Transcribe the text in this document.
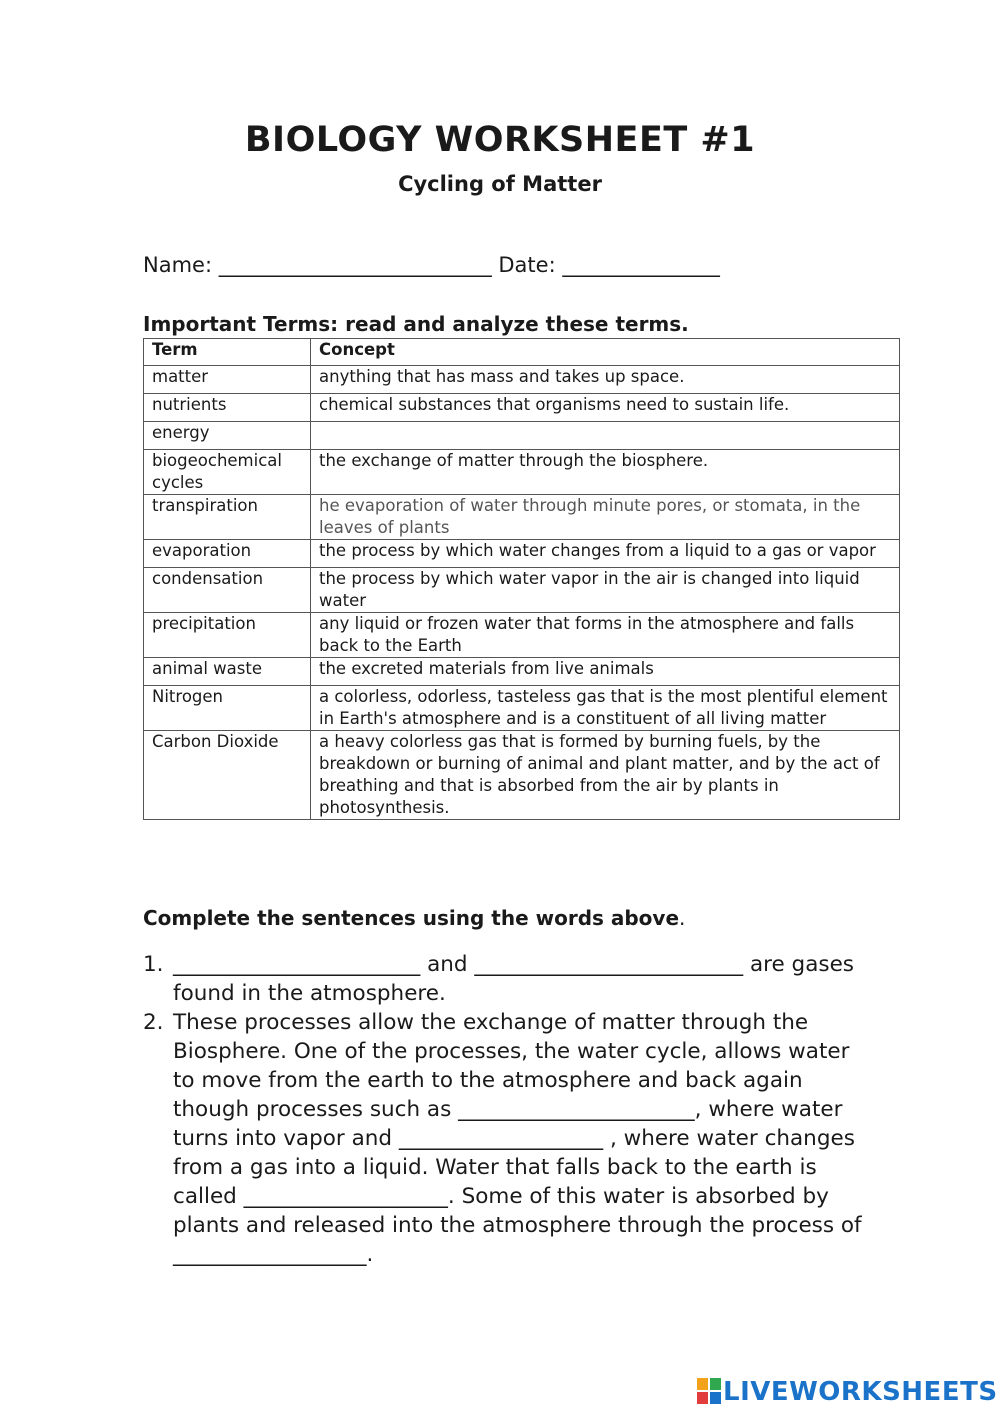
BIOLOGY WORKSHEET #1
Cycling of Matter
Name: __________________________ Date: _______________
Important Terms: read and analyze these terms.
Term	Concept
matter	anything that has mass and takes up space.
nutrients	chemical substances that organisms need to sustain life.
energy	
biogeochemical cycles	the exchange of matter through the biosphere.
transpiration	he evaporation of water through minute pores, or stomata, in the leaves of plants
evaporation	the process by which water changes from a liquid to a gas or vapor
condensation	the process by which water vapor in the air is changed into liquid water
precipitation	any liquid or frozen water that forms in the atmosphere and falls back to the Earth
animal waste	the excreted materials from live animals
Nitrogen	a colorless, odorless, tasteless gas that is the most plentiful element in Earth's atmosphere and is a constituent of all living matter
Carbon Dioxide	a heavy colorless gas that is formed by burning fuels, by the breakdown or burning of animal and plant matter, and by the act of breathing and that is absorbed from the air by plants in photosynthesis.
Complete the sentences using the words above.
1. _______________________ and _________________________ are gases found in the atmosphere.
2. These processes allow the exchange of matter through the Biosphere. One of the processes, the water cycle, allows water to move from the earth to the atmosphere and back again though processes such as ______________________, where water turns into vapor and ___________________ , where water changes from a gas into a liquid. Water that falls back to the earth is called ___________________. Some of this water is absorbed by plants and released into the atmosphere through the process of __________________.
LIVEWORKSHEETS
